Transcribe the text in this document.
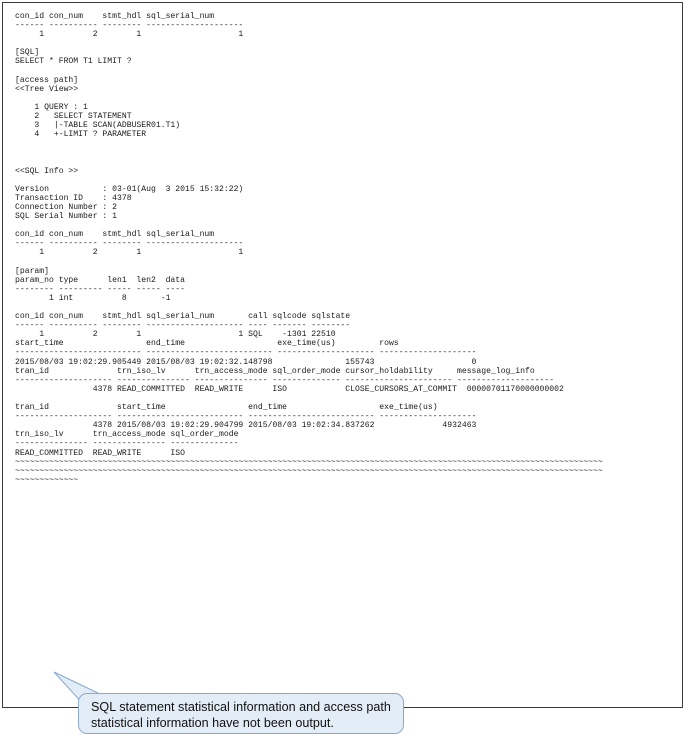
con_id con_num    stmt_hdl sql_serial_num
------ ---------- -------- --------------------
1          2        1                    1

[SQL]
SELECT * FROM T1 LIMIT ?

[access path]
<<Tree View>>

1 QUERY : 1
2   SELECT STATEMENT
3   |-TABLE SCAN(ADBUSER01.T1)
4   +-LIMIT ? PARAMETER

<<SQL Info >>

Version           : 03-01(Aug  3 2015 15:32:22)
Transaction ID    : 4378
Connection Number : 2
SQL Serial Number : 1

con_id con_num    stmt_hdl sql_serial_num
------ ---------- -------- --------------------
1          2        1                    1

[param]
param_no type      len1  len2  data
-------- --------- ----- ----- ----
1 int          8       -1

con_id con_num    stmt_hdl sql_serial_num       call sqlcode sqlstate
------ ---------- -------- -------------------- ---- ------- --------
1          2        1                    1 SQL    -1301 22510
start_time                 end_time                   exe_time(us)         rows
-------------------------- -------------------------- -------------------- --------------------
2015/08/03 19:02:29.905449 2015/08/03 19:02:32.148798               155743                    0
tran_id              trn_iso_lv      trn_access_mode sql_order_mode cursor_holdability     message_log_info
-------------------- --------------- --------------- -------------- ---------------------- --------------------
4378 READ_COMMITTED  READ_WRITE      ISO            CLOSE_CURSORS_AT_COMMIT  00000701170000000002

tran_id              start_time                 end_time                   exe_time(us)
-------------------- -------------------------- -------------------------- --------------------
4378 2015/08/03 19:02:29.904799 2015/08/03 19:02:34.837262              4932463
trn_iso_lv      trn_access_mode sql_order_mode
--------------- --------------- --------------
READ_COMMITTED  READ_WRITE      ISO
~~~~~~~~~~~~~~~~~~~~~~~~~~~~~~~~~~~~~~~~~~~~~~~~~~~~~~~~~~~~~~~~~~~~~~~~~~~~~~~~~~~~~~~~~~~~~~~~~~~~~~~~~~~~~~~~~~~~~~~~~
~~~~~~~~~~~~~~~~~~~~~~~~~~~~~~~~~~~~~~~~~~~~~~~~~~~~~~~~~~~~~~~~~~~~~~~~~~~~~~~~~~~~~~~~~~~~~~~~~~~~~~~~~~~~~~~~~~~~~~~~~
~~~~~~~~~~~~~

SQL statement statistical information and access path statistical information have not been output.
